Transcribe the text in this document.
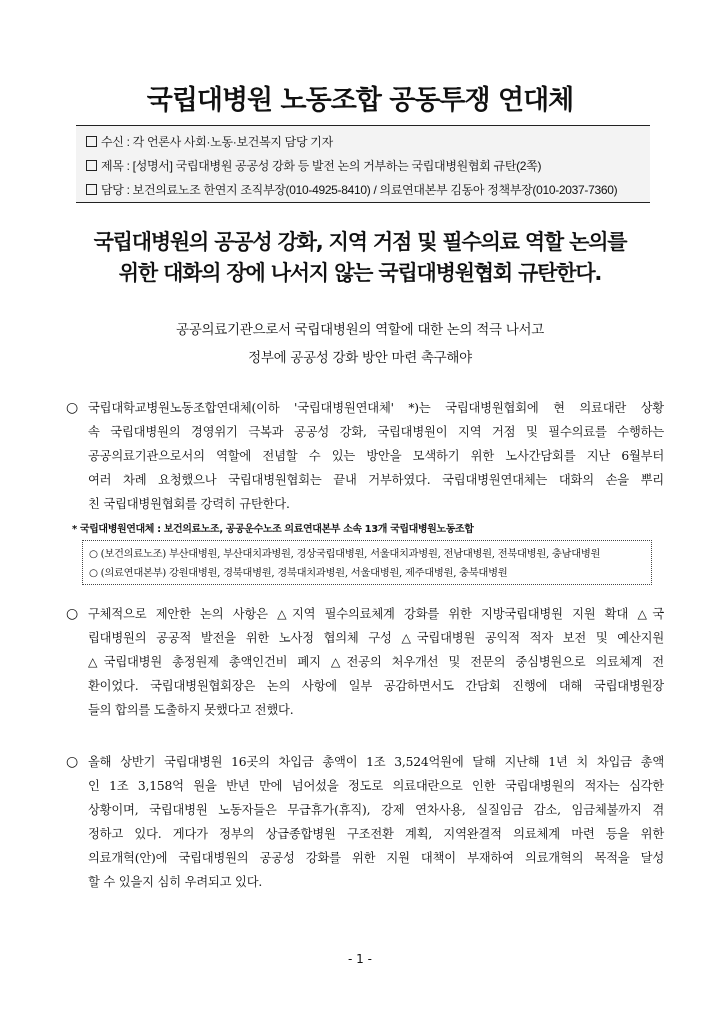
국립대병원 노동조합 공동투쟁 연대체
수신 : 각 언론사 사회·노동·보건복지 담당 기자
제목 : [성명서] 국립대병원 공공성 강화 등 발전 논의 거부하는 국립대병원협회 규탄(2쪽)
담당 : 보건의료노조 한연지 조직부장(010-4925-8410) / 의료연대본부 김동아 정책부장(010-2037-7360)
국립대병원의 공공성 강화, 지역 거점 및 필수의료 역할 논의를
위한 대화의 장에 나서지 않는 국립대병원협회 규탄한다.
공공의료기관으로서 국립대병원의 역할에 대한 논의 적극 나서고
정부에 공공성 강화 방안 마련 촉구해야
○ 국립대학교병원노동조합연대체(이하 '국립대병원연대체' *)는 국립대병원협회에 현 의료대란 상황
속 국립대병원의 경영위기 극복과 공공성 강화, 국립대병원이 지역 거점 및 필수의료를 수행하는
공공의료기관으로서의 역할에 전념할 수 있는 방안을 모색하기 위한 노사간담회를 지난 6월부터
여러 차례 요청했으나 국립대병원협회는 끝내 거부하였다. 국립대병원연대체는 대화의 손을 뿌리
친 국립대병원협회를 강력히 규탄한다.
* 국립대병원연대체 : 보건의료노조, 공공운수노조 의료연대본부 소속 13개 국립대병원노동조합
○ (보건의료노조) 부산대병원, 부산대치과병원, 경상국립대병원, 서울대치과병원, 전남대병원, 전북대병원, 충남대병원
○ (의료연대본부) 강원대병원, 경북대병원, 경북대치과병원, 서울대병원, 제주대병원, 충북대병원
○ 구체적으로 제안한 논의 사항은 △지역 필수의료체계 강화를 위한 지방국립대병원 지원 확대 △국
립대병원의 공공적 발전을 위한 노사정 협의체 구성 △국립대병원 공익적 적자 보전 및 예산지원
△국립대병원 총정원제 총액인건비 폐지 △전공의 처우개선 및 전문의 중심병원으로 의료체계 전
환이었다. 국립대병원협회장은 논의 사항에 일부 공감하면서도 간담회 진행에 대해 국립대병원장
들의 합의를 도출하지 못했다고 전했다.
○ 올해 상반기 국립대병원 16곳의 차입금 총액이 1조 3,524억원에 달해 지난해 1년 치 차입금 총액
인 1조 3,158억 원을 반년 만에 넘어섰을 정도로 의료대란으로 인한 국립대병원의 적자는 심각한
상황이며, 국립대병원 노동자들은 무급휴가(휴직), 강제 연차사용, 실질임금 감소, 임금체불까지 겪
정하고 있다. 게다가 정부의 상급종합병원 구조전환 계획, 지역완결적 의료체계 마련 등을 위한
의료개혁(안)에 국립대병원의 공공성 강화를 위한 지원 대책이 부재하여 의료개혁의 목적을 달성
할 수 있을지 심히 우려되고 있다.
- 1 -
